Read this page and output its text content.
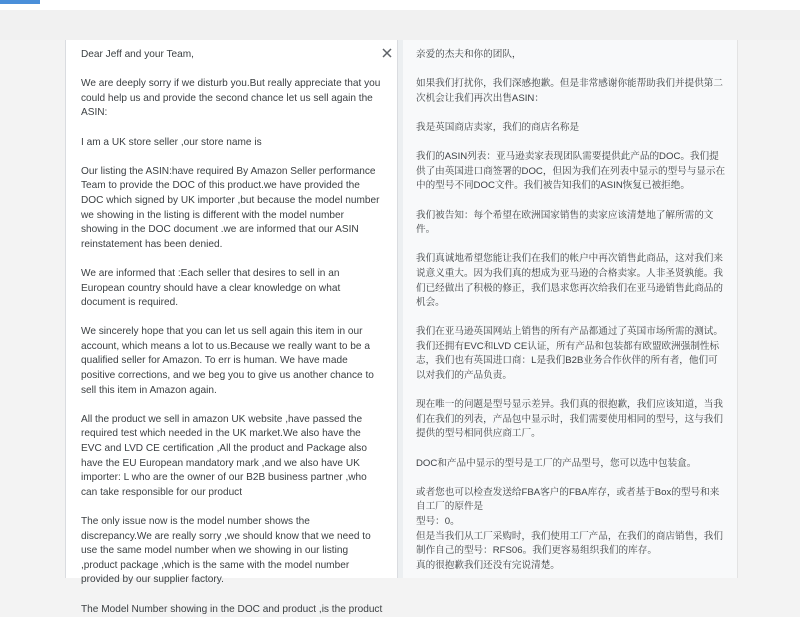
Dear Jeff and your Team,

We are deeply sorry if we disturb you.But really appreciate that you could help us and provide the second chance let us sell again the ASIN:

I am a UK store seller ,our store name is

Our listing the ASIN:have required By Amazon Seller performance Team to provide the DOC of this product.we have provided the DOC which signed by UK importer ,but because the model number we showing in the listing is different with the model number showing in the DOC document .we are informed that our ASIN reinstatement has been denied.

We are informed that :Each seller that desires to sell in an European country should have a clear knowledge on what document is required.

We sincerely hope that you can let us sell again this item in our account, which means a lot to us.Because we really want to be a qualified seller for Amazon. To err is human. We have made positive corrections, and we beg you to give us another chance to sell this item in Amazon again.

All the product we sell in amazon UK website ,have passed the required test which needed in the UK market.We also have the EVC and LVD CE certification ,All the product and Package also have the EU European mandatory mark ,and we also have UK importer: L who are the owner of our B2B business partner ,who can take responsible for our product

The only issue now is the model number shows the discrepancy.We are really sorry ,we should know that we need to use the same model number when we showing in our listing ,product package ,which is the same with the model number provided by our supplier factory.

The Model Number showing in the DOC and product ,is the product

亲爱的杰夫和你的团队，

如果我们打扰你，我们深感抱歉。但是非常感谢你能帮助我们并提供第二次机会让我们再次出售ASIN：

我是英国商店卖家，我们的商店名称是

我们的ASIN列表：亚马逊卖家表现团队需要提供此产品的DOC。我们提供了由英国进口商签署的DOC，但因为我们在列表中显示的型号与显示在中的型号不同DOC文件。我们被告知我们的ASIN恢复已被拒绝。

我们被告知：每个希望在欧洲国家销售的卖家应该清楚地了解所需的文件。

我们真诚地希望您能让我们在我们的帐户中再次销售此商品，这对我们来说意义重大。因为我们真的想成为亚马逊的合格卖家。人非圣贤孰能。我们已经做出了积极的修正，我们恳求您再次给我们在亚马逊销售此商品的机会。

我们在亚马逊英国网站上销售的所有产品都通过了英国市场所需的测试。我们还拥有EVC和LVD CE认证，所有产品和包装都有欧盟欧洲强制性标志，我们也有英国进口商：L是我们B2B业务合作伙伴的所有者，他们可以对我们的产品负责。

现在唯一的问题是型号显示差异。我们真的很抱歉，我们应该知道，当我们在我们的列表，产品包中显示时，我们需要使用相同的型号，这与我们提供的型号相同供应商工厂。

DOC和产品中显示的型号是工厂的产品型号，您可以选中包装盒。

或者您也可以检查发送给FBA客户的FBA库存，或者基于Box的型号和来自工厂的原件是
型号：0。
但是当我们从工厂采购时，我们使用工厂产品，在我们的商店销售，我们制作自己的型号：RFS06。我们更容易组织我们的库存。
真的很抱歉我们还没有完说清楚。
